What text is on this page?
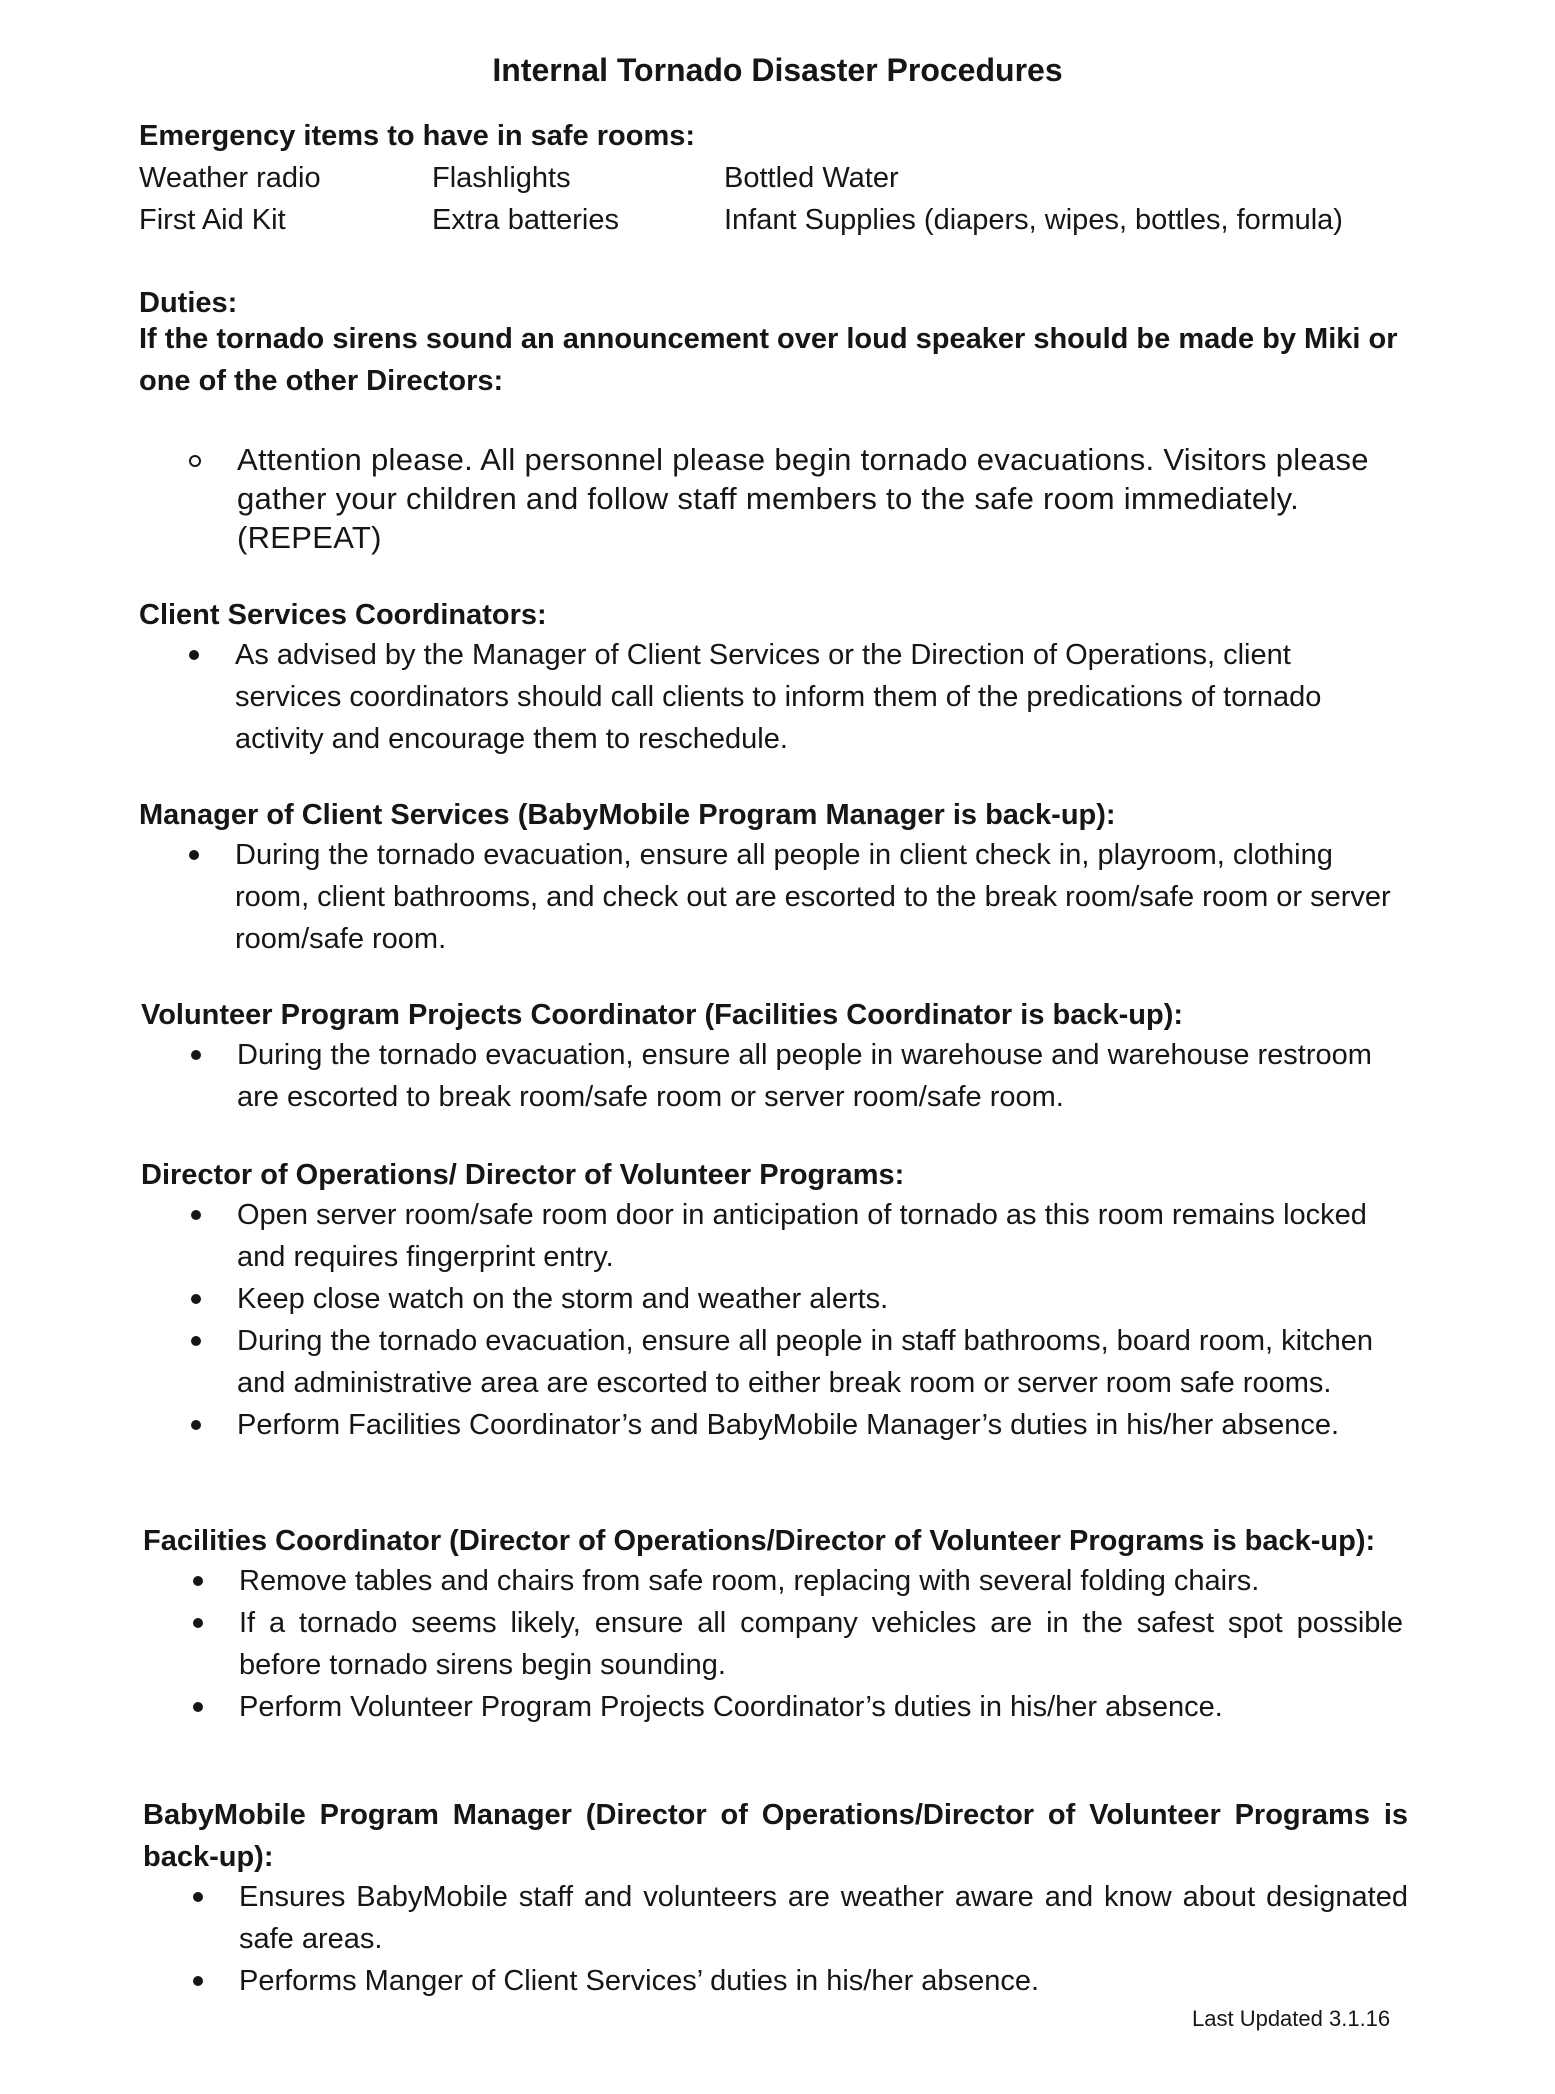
Internal Tornado Disaster Procedures
Emergency items to have in safe rooms:
Weather radio	Flashlights	Bottled Water
First Aid Kit	Extra batteries	Infant Supplies (diapers, wipes, bottles, formula)
Duties:
If the tornado sirens sound an announcement over loud speaker should be made by Miki or one of the other Directors:
Attention please. All personnel please begin tornado evacuations. Visitors please gather your children and follow staff members to the safe room immediately. (REPEAT)
Client Services Coordinators:
As advised by the Manager of Client Services or the Direction of Operations, client services coordinators should call clients to inform them of the predications of tornado activity and encourage them to reschedule.
Manager of Client Services (BabyMobile Program Manager is back-up):
During the tornado evacuation, ensure all people in client check in, playroom, clothing room, client bathrooms, and check out are escorted to the break room/safe room or server room/safe room.
Volunteer Program Projects Coordinator (Facilities Coordinator is back-up):
During the tornado evacuation, ensure all people in warehouse and warehouse restroom are escorted to break room/safe room or server room/safe room.
Director of Operations/ Director of Volunteer Programs:
Open server room/safe room door in anticipation of tornado as this room remains locked and requires fingerprint entry.
Keep close watch on the storm and weather alerts.
During the tornado evacuation, ensure all people in staff bathrooms, board room, kitchen and administrative area are escorted to either break room or server room safe rooms.
Perform Facilities Coordinator’s and BabyMobile Manager’s duties in his/her absence.
Facilities Coordinator (Director of Operations/Director of Volunteer Programs is back-up):
Remove tables and chairs from safe room, replacing with several folding chairs.
If a tornado seems likely, ensure all company vehicles are in the safest spot possible before tornado sirens begin sounding.
Perform Volunteer Program Projects Coordinator’s duties in his/her absence.
BabyMobile Program Manager (Director of Operations/Director of Volunteer Programs is back-up):
Ensures BabyMobile staff and volunteers are weather aware and know about designated safe areas.
Performs Manger of Client Services’ duties in his/her absence.
Last Updated 3.1.16
